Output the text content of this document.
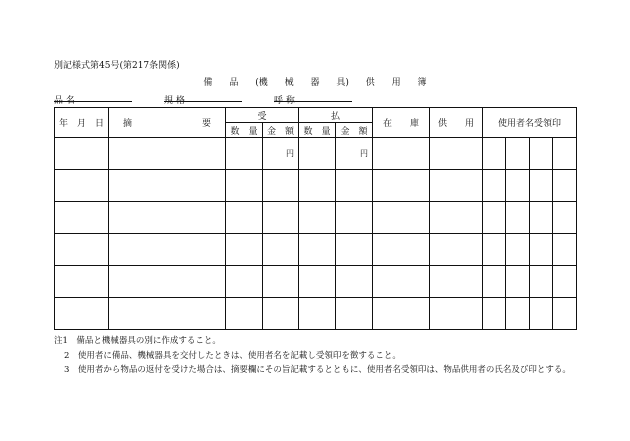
別記様式第45号(第217条関係)
備 品 (機 械 器 具) 供 用 簿
品 名	規 格	呼 称
年　月　日	摘 要	受		払		在　　庫	供　　用	使用者名受領印			
		数　量	金　額	数　量	金　額						

			円		円						

注1　備品と機械器具の別に作成すること。
2　使用者に備品、機械器具を交付したときは、使用者名を記載し受領印を徴すること。
3　使用者から物品の返付を受けた場合は、摘要欄にその旨記載するとともに、使用者名受領印は、物品供用者の氏名及び印とする。
